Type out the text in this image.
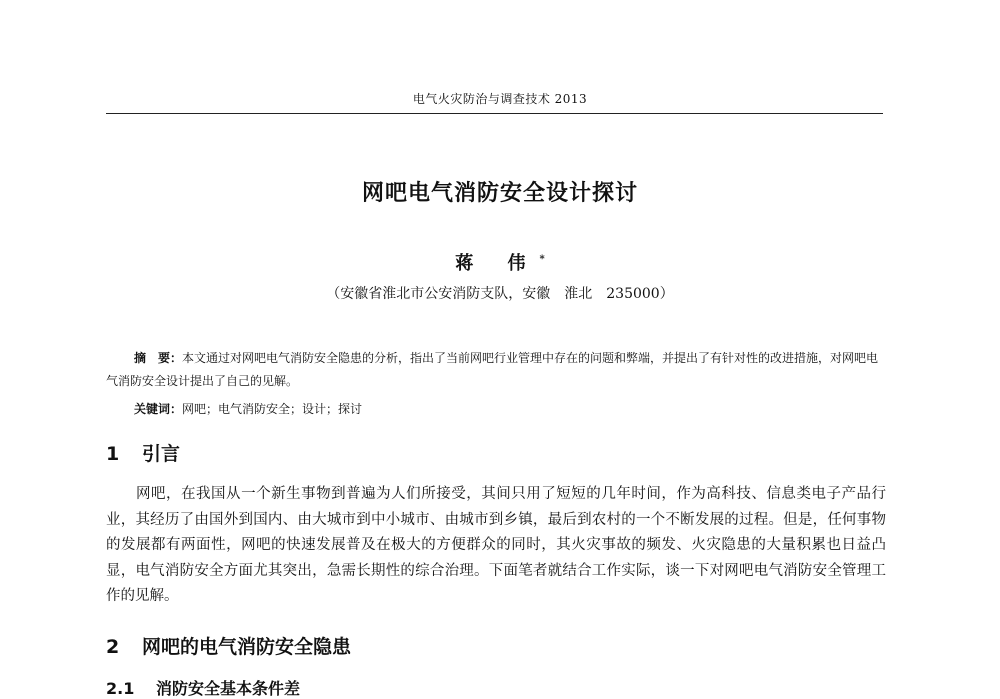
电气火灾防治与调查技术 2013
网吧电气消防安全设计探讨
蒋 伟*
（安徽省淮北市公安消防支队，安徽　淮北　235000）
摘　要：本文通过对网吧电气消防安全隐患的分析，指出了当前网吧行业管理中存在的问题和弊端，并提出了有针对性的改进措施，对网吧电气消防安全设计提出了自己的见解。
关键词：网吧；电气消防安全；设计；探讨
1 引言
网吧，在我国从一个新生事物到普遍为人们所接受，其间只用了短短的几年时间，作为高科技、信息类电子产品行业，其经历了由国外到国内、由大城市到中小城市、由城市到乡镇，最后到农村的一个不断发展的过程。但是，任何事物的发展都有两面性，网吧的快速发展普及在极大的方便群众的同时，其火灾事故的频发、火灾隐患的大量积累也日益凸显，电气消防安全方面尤其突出，急需长期性的综合治理。下面笔者就结合工作实际，谈一下对网吧电气消防安全管理工作的见解。
2 网吧的电气消防安全隐患
2.1 消防安全基本条件差
